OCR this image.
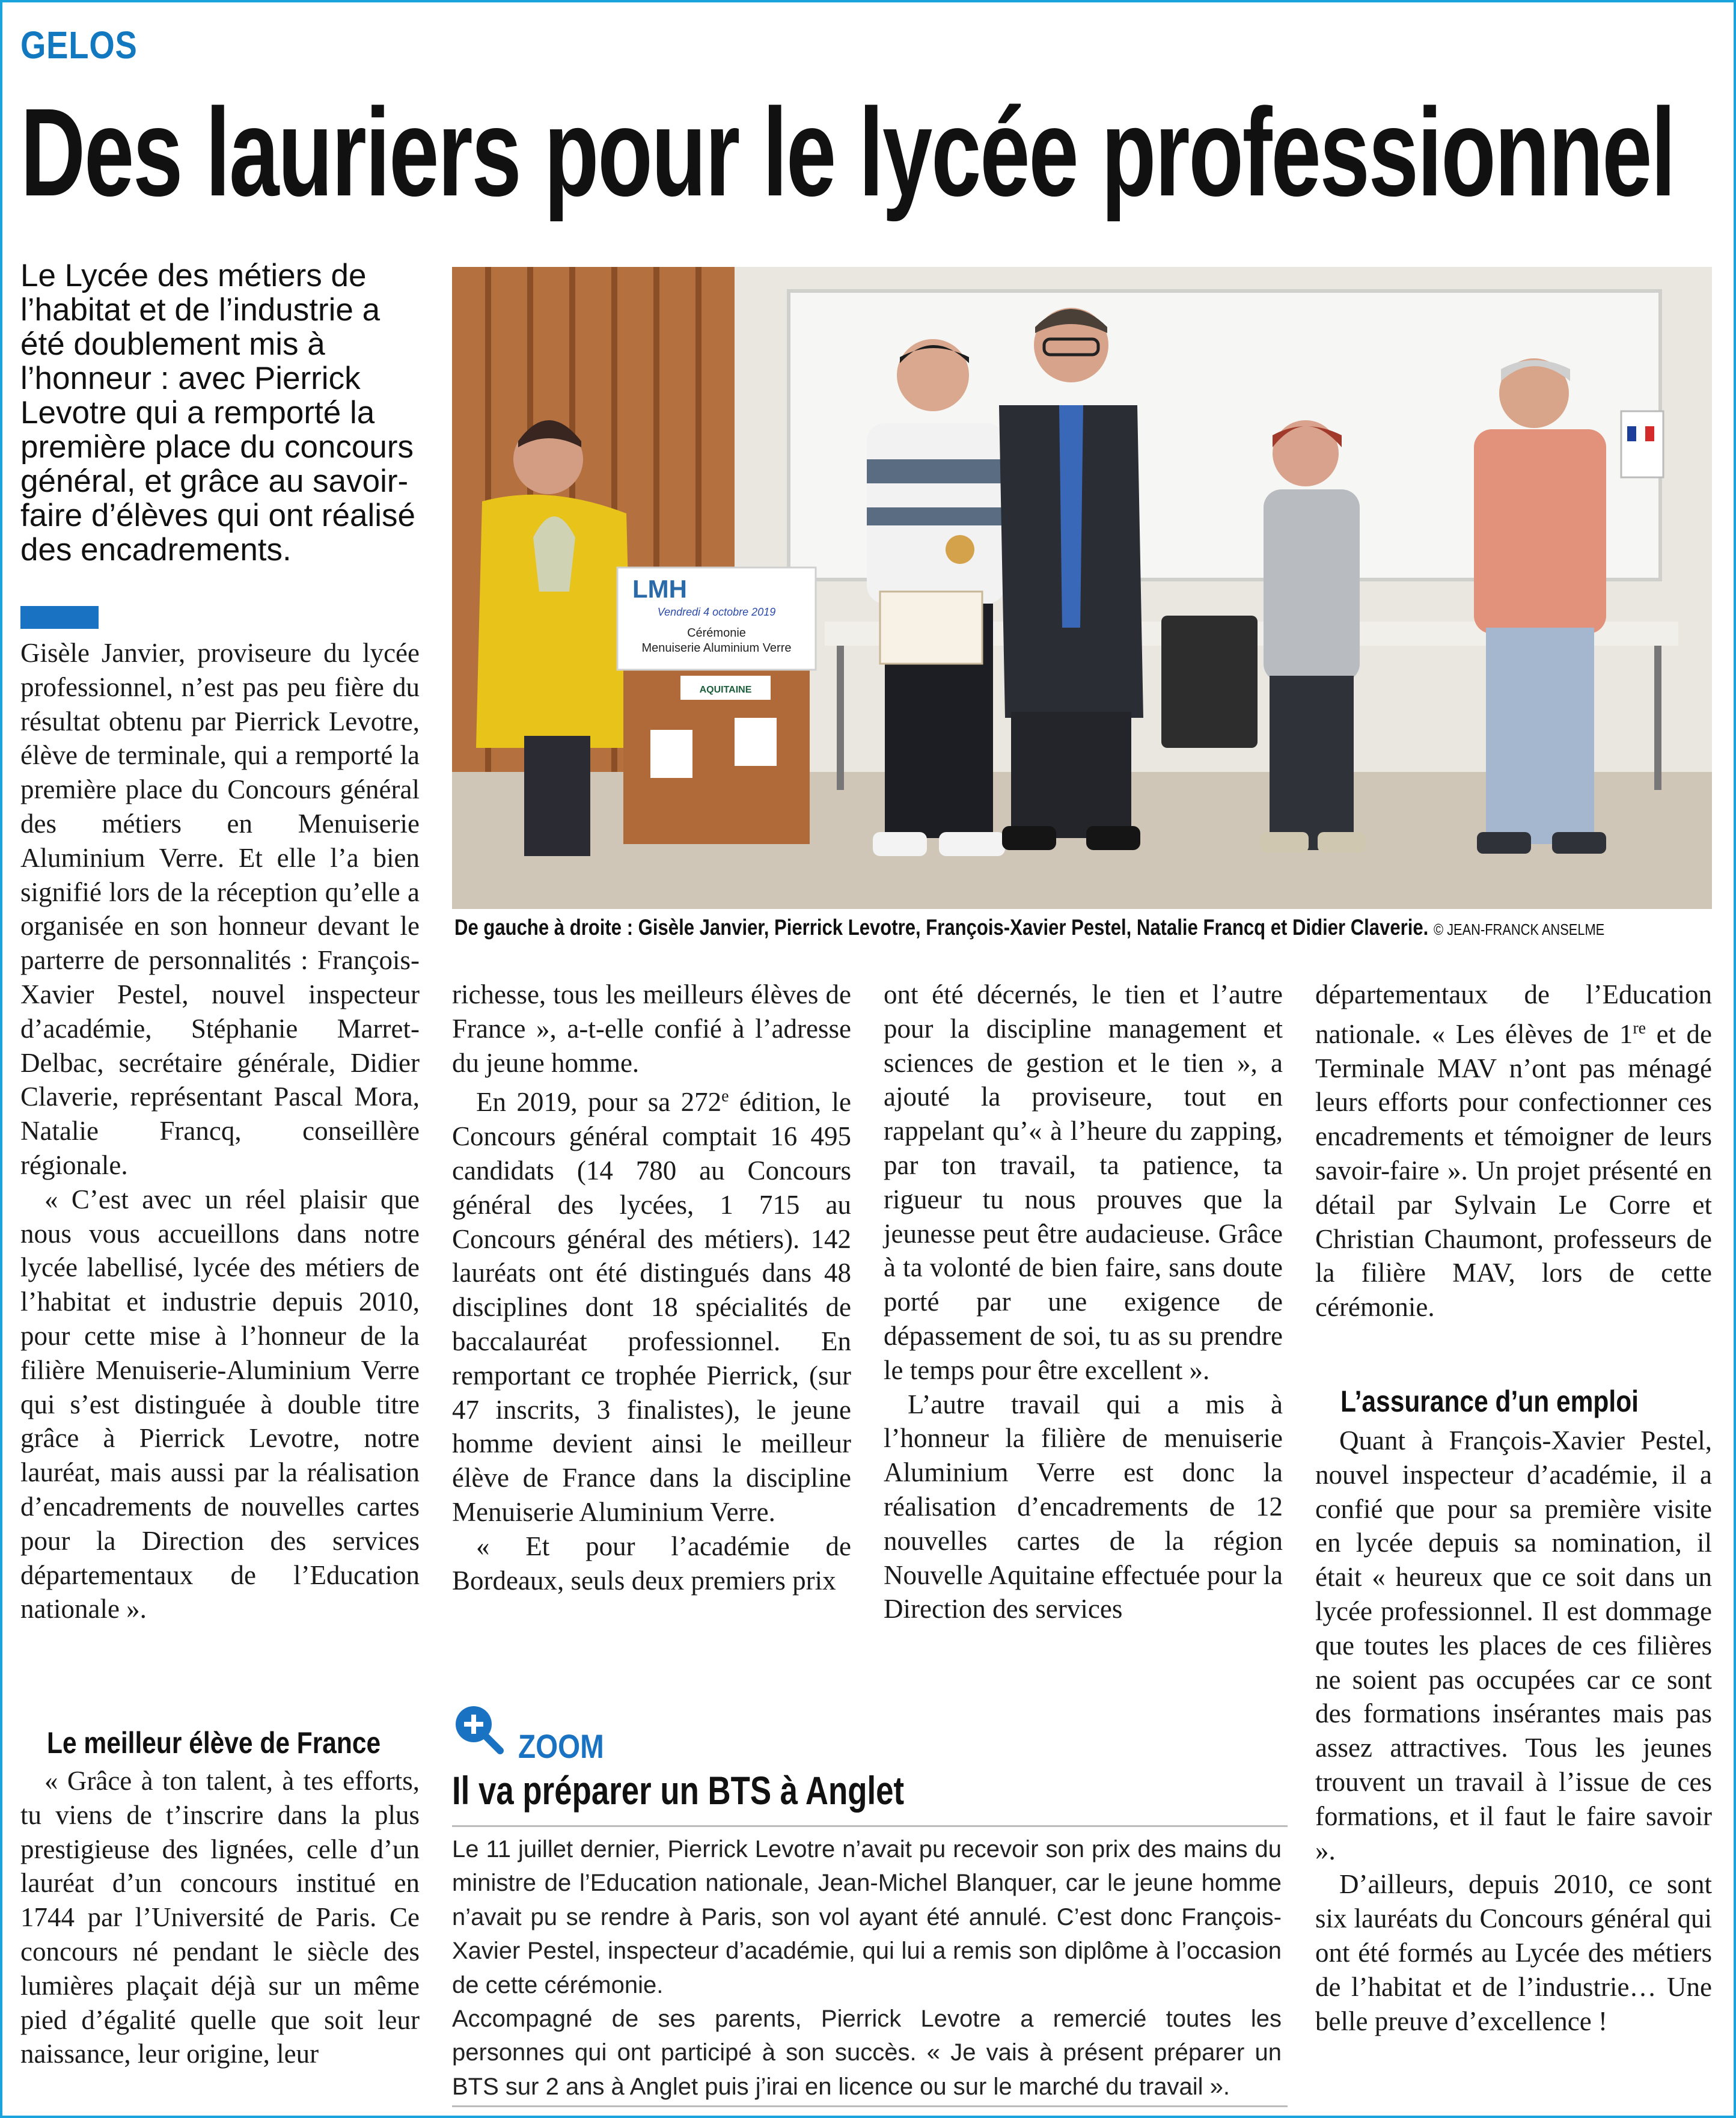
GELOS
Des lauriers pour le lycée professionnel
Le Lycée des métiers de l’habitat et de l’industrie a été doublement mis à l’honneur : avec Pierrick Levotre qui a remporté la première place du concours général, et grâce au savoir-faire d’élèves qui ont réalisé des encadrements.
LMH
Vendredi 4 octobre 2019
Cérémonie
Menuiserie Aluminium Verre
AQUITAINE
De gauche à droite : Gisèle Janvier, Pierrick Levotre, François-Xavier Pestel, Natalie Francq et Didier Claverie. © JEAN-FRANCK ANSELME

Gisèle Janvier, proviseure du lycée professionnel, n’est pas peu fière du résultat obtenu par Pierrick Levotre, élève de terminale, qui a remporté la première place du Concours général des métiers en Menuiserie Aluminium Verre. Et elle l’a bien signifié lors de la réception qu’elle a organisée en son honneur devant le parterre de personnalités : François-Xavier Pestel, nouvel inspecteur d’académie, Stéphanie Marret-Delbac, secrétaire générale, Didier Claverie, représentant Pascal Mora, Natalie Francq, conseillère régionale.

« C’est avec un réel plaisir que nous vous accueillons dans notre lycée labellisé, lycée des métiers de l’habitat et industrie depuis 2010, pour cette mise à l’honneur de la filière Menuiserie-Aluminium Verre qui s’est distinguée à double titre grâce à Pierrick Levotre, notre lauréat, mais aussi par la réalisation d’encadrements de nouvelles cartes pour la Direction des services départementaux de l’Education nationale ».

Le meilleur élève de France

« Grâce à ton talent, à tes efforts, tu viens de t’inscrire dans la plus prestigieuse des lignées, celle d’un lauréat d’un concours institué en 1744 par l’Université de Paris. Ce concours né pendant le siècle des lumières plaçait déjà sur un même pied d’égalité quelle que soit leur naissance, leur origine, leur

richesse, tous les meilleurs élèves de France », a-t-elle confié à l’adresse du jeune homme.

En 2019, pour sa 272e édition, le Concours général comptait 16 495 candidats (14 780 au Concours général des lycées, 1 715 au Concours général des métiers). 142 lauréats ont été distingués dans 48 disciplines dont 18 spécialités de baccalauréat professionnel. En remportant ce trophée Pierrick, (sur 47 inscrits, 3 finalistes), le jeune homme devient ainsi le meilleur élève de France dans la discipline Menuiserie Aluminium Verre.

« Et pour l’académie de Bordeaux, seuls deux premiers prix

ont été décernés, le tien et l’autre pour la discipline management et sciences de gestion et le tien », a ajouté la proviseure, tout en rappelant qu’« à l’heure du zapping, par ton travail, ta patience, ta rigueur tu nous prouves que la jeunesse peut être audacieuse. Grâce à ta volonté de bien faire, sans doute porté par une exigence de dépassement de soi, tu as su prendre le temps pour être excellent ».

L’autre travail qui a mis à l’honneur la filière de menuiserie Aluminium Verre est donc la réalisation d’encadrements de 12 nouvelles cartes de la région Nouvelle Aquitaine effectuée pour la Direction des services

départementaux de l’Education nationale. « Les élèves de 1re et de Terminale MAV n’ont pas ménagé leurs efforts pour confectionner ces encadrements et témoigner de leurs savoir-faire ». Un projet présenté en détail par Sylvain Le Corre et Christian Chaumont, professeurs de la filière MAV, lors de cette cérémonie.

L’assurance d’un emploi

Quant à François-Xavier Pestel, nouvel inspecteur d’académie, il a confié que pour sa première visite en lycée depuis sa nomination, il était « heureux que ce soit dans un lycée professionnel. Il est dommage que toutes les places de ces filières ne soient pas occupées car ce sont des formations insérantes mais pas assez attractives. Tous les jeunes trouvent un travail à l’issue de ces formations, et il faut le faire savoir ».

D’ailleurs, depuis 2010, ce sont six lauréats du Concours général qui ont été formés au Lycée des métiers de l’habitat et de l’industrie… Une belle preuve d’excellence !

ZOOM
Il va préparer un BTS à Anglet

Le 11 juillet dernier, Pierrick Levotre n’avait pu recevoir son prix des mains du ministre de l’Education nationale, Jean-Michel Blanquer, car le jeune homme n’avait pu se rendre à Paris, son vol ayant été annulé. C’est donc François-Xavier Pestel, inspecteur d’académie, qui lui a remis son diplôme à l’occasion de cette cérémonie.

Accompagné de ses parents, Pierrick Levotre a remercié toutes les personnes qui ont participé à son succès. « Je vais à présent préparer un BTS sur 2 ans à Anglet puis j’irai en licence ou sur le marché du travail ».
